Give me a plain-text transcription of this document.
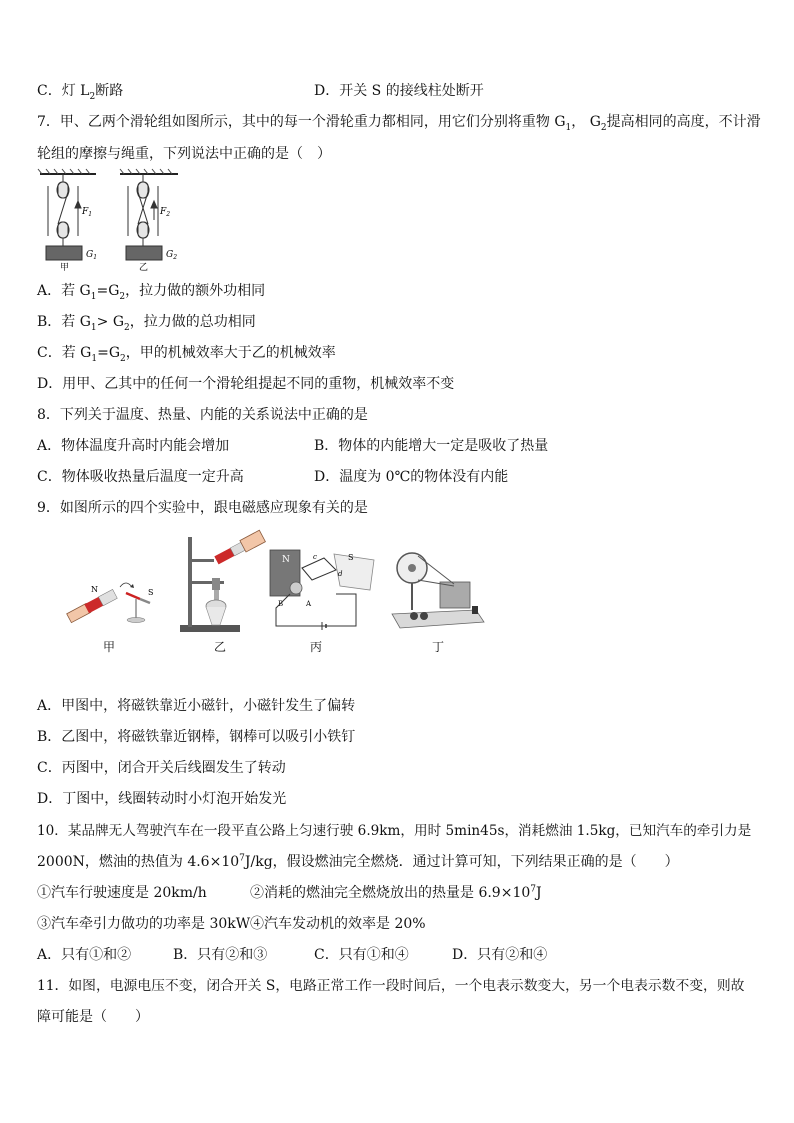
C．灯 $L_2$断路	D．开关 S 的接线柱处断开
7．甲、乙两个滑轮组如图所示，其中的每一个滑轮重力都相同，用它们分别将重物 $G_1$， $G_2$提高相同的高度，不计滑
轮组的摩擦与绳重，下列说法中正确的是（　）
$F_1$	$F_2$
$G_1$	$G_2$
甲	乙
A．若 $G_1=G_2$，拉力做的额外功相同
B．若 $G_1> G_2$，拉力做的总功相同
C．若 $G_1=G_2$，甲的机械效率大于乙的机械效率
D．用甲、乙其中的任何一个滑轮组提起不同的重物，机械效率不变
8．下列关于温度、热量、内能的关系说法中正确的是
A．物体温度升高时内能会增加	B．物体的内能增大一定是吸收了热量
C．物体吸收热量后温度一定升高	D．温度为 0℃的物体没有内能
9．如图所示的四个实验中，跟电磁感应现象有关的是
N	S
N	S
c
d
B	A
甲	乙	丙	丁
A．甲图中，将磁铁靠近小磁针，小磁针发生了偏转
B．乙图中，将磁铁靠近钢棒，钢棒可以吸引小铁钉
C．丙图中，闭合开关后线圈发生了转动
D．丁图中，线圈转动时小灯泡开始发光
10．某品牌无人驾驶汽车在一段平直公路上匀速行驶 6.9km，用时 5min45s，消耗燃油 1.5kg，已知汽车的牵引力是
2000N，燃油的热值为 $4.6\times 10^7J/kg$，假设燃油完全燃烧．通过计算可知，下列结果正确的是（　　）
①汽车行驶速度是 20km/h	②消耗的燃油完全燃烧放出的热量是 $6.9\times 10^7J$
③汽车牵引力做功的功率是 30kW ④汽车发动机的效率是 20%
A．只有①和②	B．只有②和③	C．只有①和④	D．只有②和④
11．如图，电源电压不变，闭合开关 S，电路正常工作一段时间后，一个电表示数变大，另一个电表示数不变，则故
障可能是（　　）
